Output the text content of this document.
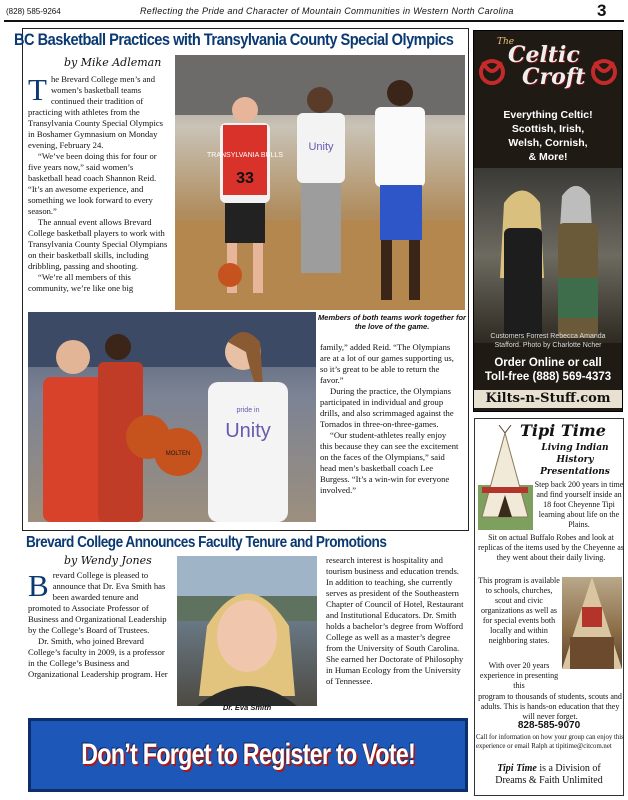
(828) 585-9264	Reflecting the Pride and Character of Mountain Communities in Western North Carolina	3
BC Basketball Practices with Transylvania County Special Olympics
by Mike Adleman
T he Brevard College men’s and women’s basketball teams continued their tradition of practicing with athletes from the Transylvania County Special Olympics in Boshamer Gymnasium on Monday evening, February 24.

“We’ve been doing this for four or five years now,” said women’s basketball head coach Shannon Reid. “It’s an awesome experience, and something we look forward to every season.”

The annual event allows Brevard College basketball players to work with Transylvania County Special Olympians on their basketball skills, including dribbling, passing and shooting.

“We’re all members of this community, we’re like one big

TRANSYLVANIA BULLS
33
Unity
MOLTEN
pride in
Unity
Members of both teams work together for the love of the game.

family,” added Reid. “The Olympians are at a lot of our games supporting us, so it’s great to be able to return the favor.”

During the practice, the Olympians participated in individual and group drills, and also scrimmaged against the Tornados in three-on-three-games.

“Our student-athletes really enjoy this because they can see the excitement on the faces of the Olympians,” said head men’s basketball coach Lee Burgess. “It’s a win-win for everyone involved.”

Brevard College Announces Faculty Tenure and Promotions
by Wendy Jones
B revard College is pleased to announce that Dr. Eva Smith has been awarded tenure and promoted to Associate Professor of Business and Organizational Leadership by the College’s Board of Trustees.

Dr. Smith, who joined Brevard College’s faculty in 2009, is a professor in the College’s Business and Organizational Leadership program. Her

Dr. Eva Smith

research interest is hospitality and tourism business and education trends. In addition to teaching, she currently serves as president of the Southeastern Chapter of Council of Hotel, Restaurant and Institutional Educators. Dr. Smith holds a bachelor’s degree from Wofford College as well as a master’s degree from the University of South Carolina. She earned her Doctorate of Philosophy in Human Ecology from the University of Tennessee.

Don’t Forget to Register to Vote!
The
Celtic
Croft
Everything Celtic!
Scottish, Irish,
Welsh, Cornish,
& More!
Customers Forrest Rebecca Amanda Stafford. Photo by Charlotte Ncher
Order Online or call
Toll-free (888) 569-4373
Kilts-n-Stuff.com
Tipi Time
Living Indian
History
Presentations
Step back 200 years in time and find yourself inside an 18 foot Cheyenne Tipi learning about life on the Plains.
Sit on actual Buffalo Robes and look at replicas of the items used by the Cheyenne as they went about their daily living.
This program is available to schools, churches, scout and civic organizations as well as for special events both locally and within neighboring states.
With over 20 years experience in presenting this
program to thousands of students, scouts and adults. This is hands-on education that they will never forget.
828-585-9070
Call for information on how your group can enjoy this experience or email Ralph at tipitime@citcom.net
Tipi Time is a Division of
Dreams & Faith Unlimited
